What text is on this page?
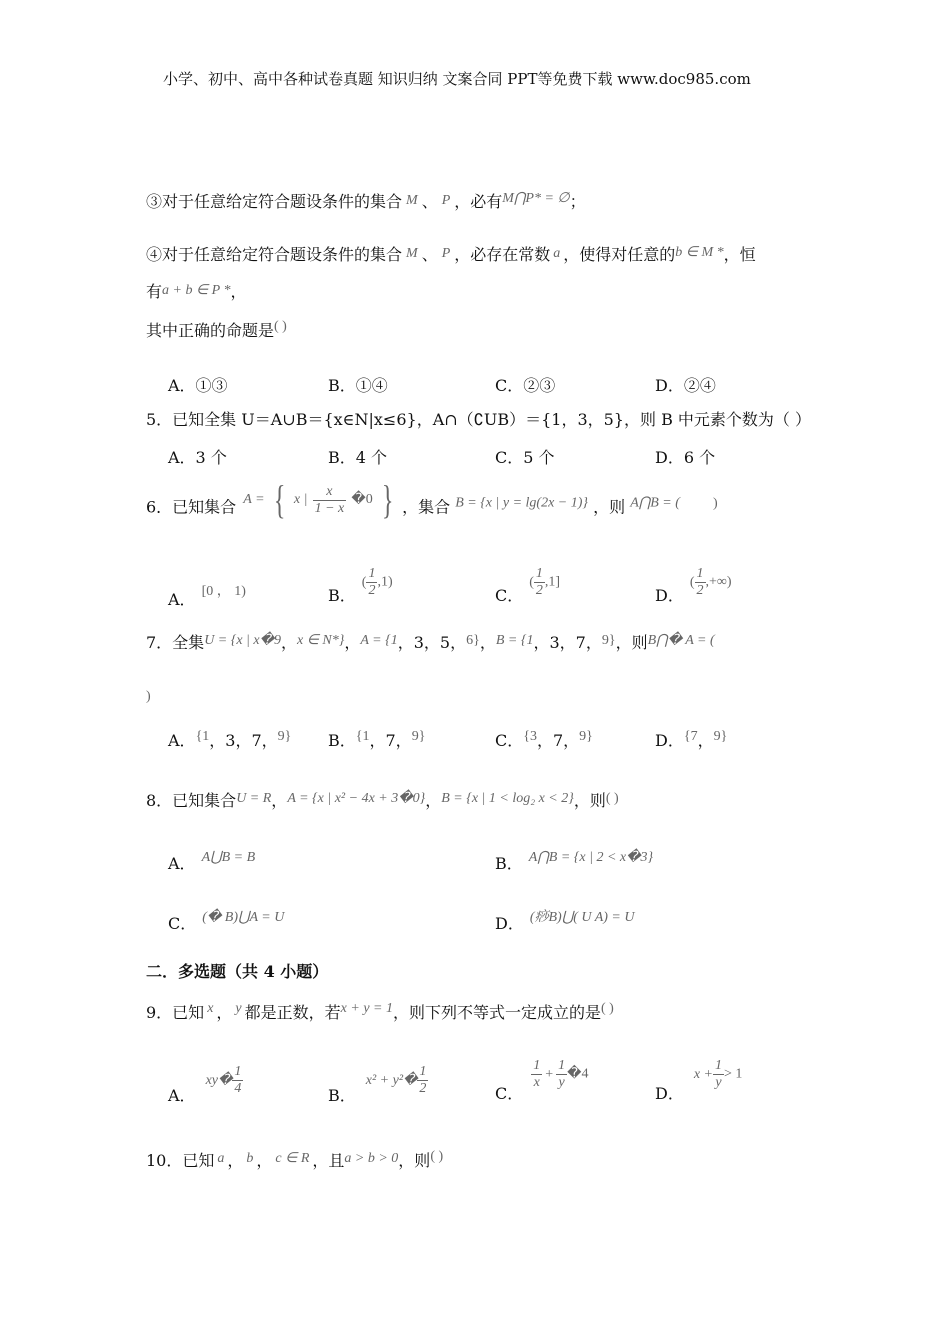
小学、初中、高中各种试卷真题 知识归纳 文案合同 PPT等免费下载 www.doc985.com
③对于任意给定符合题设条件的集合 M 、 P ，必有M⋂P* = ∅；
④对于任意给定符合题设条件的集合 M 、 P ，必存在常数 a ，使得对任意的b ∈ M *，恒
有a + b ∈ P *，
其中正确的命题是( )
A．①③	B．①④	C．②③	D．②④
5．已知全集 U＝A∪B＝{x∈N|x≤6}，A∩（∁UB）＝{1，3，5}，则 B 中元素个数为（ ）
A．3 个	B．4 个	C．5 个	D．6 个
6．已知集合 A = { x | $\frac{x}{1 - x}$ �0 } ，集合 B = {x | y = lg(2x − 1)} ，则 A⋂B = ( )
A． [0 ， 1)	B．( $\frac{1}{2} ,1$)
C．( $\frac{1}{2} ,1$]
D．( $\frac{1}{2}$ ,+∞)
7．全集U = {x | x�9，x ∈ N*}，A = {1，3，5，6}，B = {1，3，7，9}，则B⋂� A = (
)
A．{1，3，7，9} B．{1，7，9}	C．{3，7，9}	D．{7，9}
8．已知集合U = R，A = {x | x² − 4x + 3�0}，B = {x | 1 < log₂ x < 2}，则( )
A． A⋃B = B	B． A⋂B = {x | 2 < x�3}
C． (� B)⋃A = U	D． (痧B)⋃( U A) = U
二．多选题（共 4 小题）
9．已知 x ， y 都是正数，若x + y = 1，则下列不等式一定成立的是( )
A．xy� $\frac{1}{4}$	B．x² + y²� $\frac{1}{2}$	C．
$\frac{1}{x} + \frac{1}{y}$ �4
D．$x + \frac{1}{y} > 1$
10．已知 a ， b ， c ∈ R ，且a > b > 0，则( )
